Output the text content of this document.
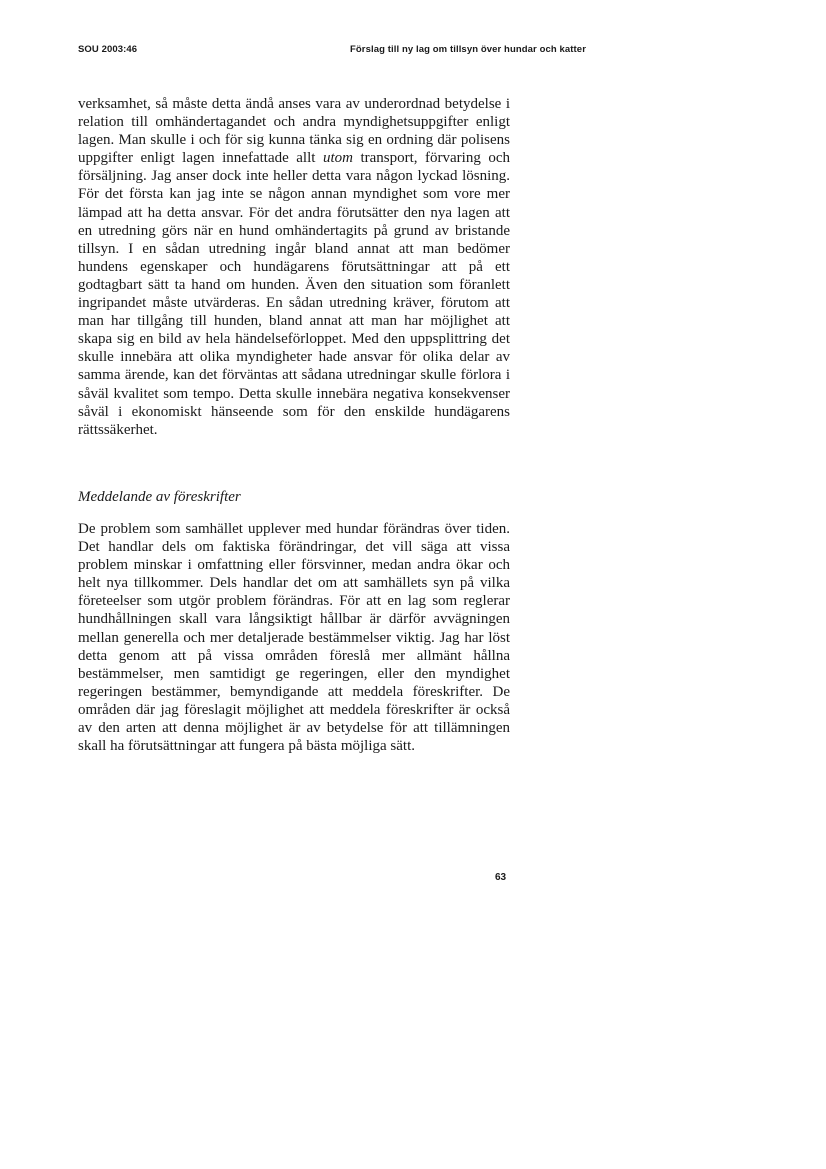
SOU 2003:46	Förslag till ny lag om tillsyn över hundar och katter
verksamhet, så måste detta ändå anses vara av underordnad betydelse i relation till omhändertagandet och andra myndighetsuppgifter enligt lagen. Man skulle i och för sig kunna tänka sig en ordning där polisens uppgifter enligt lagen innefattade allt utom transport, förvaring och försäljning. Jag anser dock inte heller detta vara någon lyckad lösning. För det första kan jag inte se någon annan myndighet som vore mer lämpad att ha detta ansvar. För det andra förutsätter den nya lagen att en utredning görs när en hund omhändertagits på grund av bristande tillsyn. I en sådan utredning ingår bland annat att man bedömer hundens egenskaper och hundägarens förutsättningar att på ett godtagbart sätt ta hand om hunden. Även den situation som föranlett ingripandet måste utvärderas. En sådan utredning kräver, förutom att man har tillgång till hunden, bland annat att man har möjlighet att skapa sig en bild av hela händelseförloppet. Med den uppsplittring det skulle innebära att olika myndigheter hade ansvar för olika delar av samma ärende, kan det förväntas att sådana utredningar skulle förlora i såväl kvalitet som tempo. Detta skulle innebära negativa konsekvenser såväl i ekonomiskt hänseende som för den enskilde hundägarens rättssäkerhet.
Meddelande av föreskrifter
De problem som samhället upplever med hundar förändras över tiden. Det handlar dels om faktiska förändringar, det vill säga att vissa problem minskar i omfattning eller försvinner, medan andra ökar och helt nya tillkommer. Dels handlar det om att samhällets syn på vilka företeelser som utgör problem förändras. För att en lag som reglerar hundhållningen skall vara långsiktigt hållbar är därför avvägningen mellan generella och mer detaljerade bestämmelser viktig. Jag har löst detta genom att på vissa områden föreslå mer allmänt hållna bestämmelser, men samtidigt ge regeringen, eller den myndighet regeringen bestämmer, bemyndigande att meddela föreskrifter. De områden där jag föreslagit möjlighet att meddela föreskrifter är också av den arten att denna möjlighet är av betydelse för att tillämningen skall ha förutsättningar att fungera på bästa möjliga sätt.
63
